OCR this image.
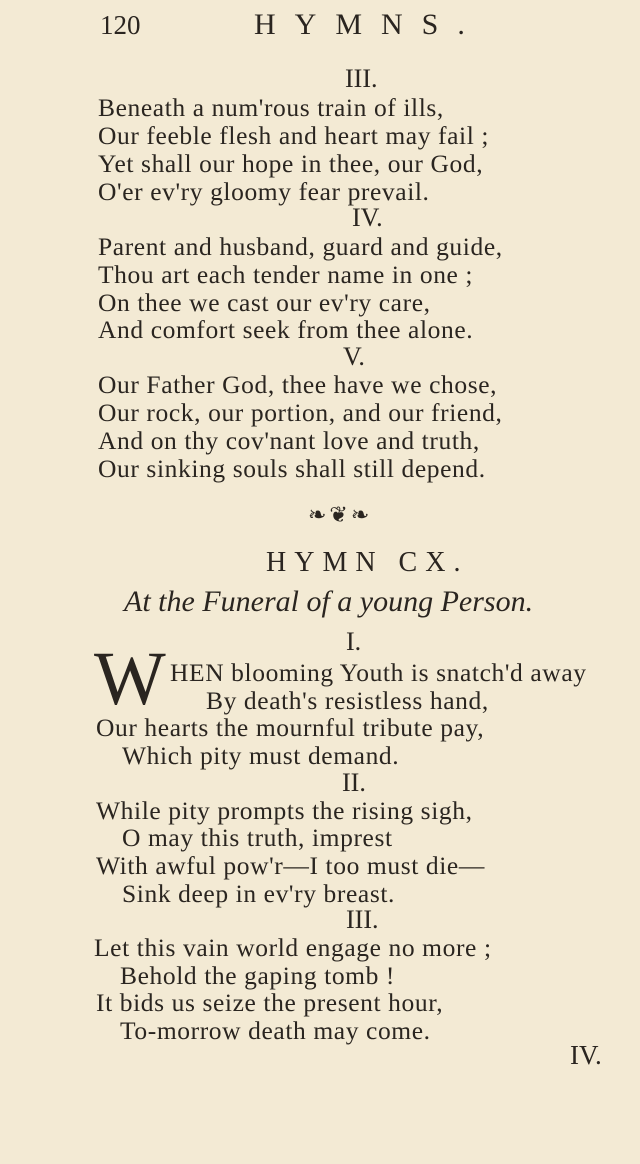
120	HYMNS.
III.
Beneath a num'rous train of ills,
Our feeble flesh and heart may fail ;
Yet shall our hope in thee, our God,
O'er ev'ry gloomy fear prevail.
IV.
Parent and husband, guard and guide,
Thou art each tender name in one ;
On thee we cast our ev'ry care,
And comfort seek from thee alone.
V.
Our Father God, thee have we chose,
Our rock, our portion, and our friend,
And on thy cov'nant love and truth,
Our sinking souls shall still depend.
❧❦❧
HYMN CX.
At the Funeral of a young Person.
I.
W HEN blooming Youth is snatch'd away
By death's resistless hand,
Our hearts the mournful tribute pay,
Which pity must demand.
II.
While pity prompts the rising sigh,
O may this truth, imprest
With awful pow'r—I too must die—
Sink deep in ev'ry breast.
III.
Let this vain world engage no more ;
Behold the gaping tomb !
It bids us seize the present hour,
To-morrow death may come.
IV.
